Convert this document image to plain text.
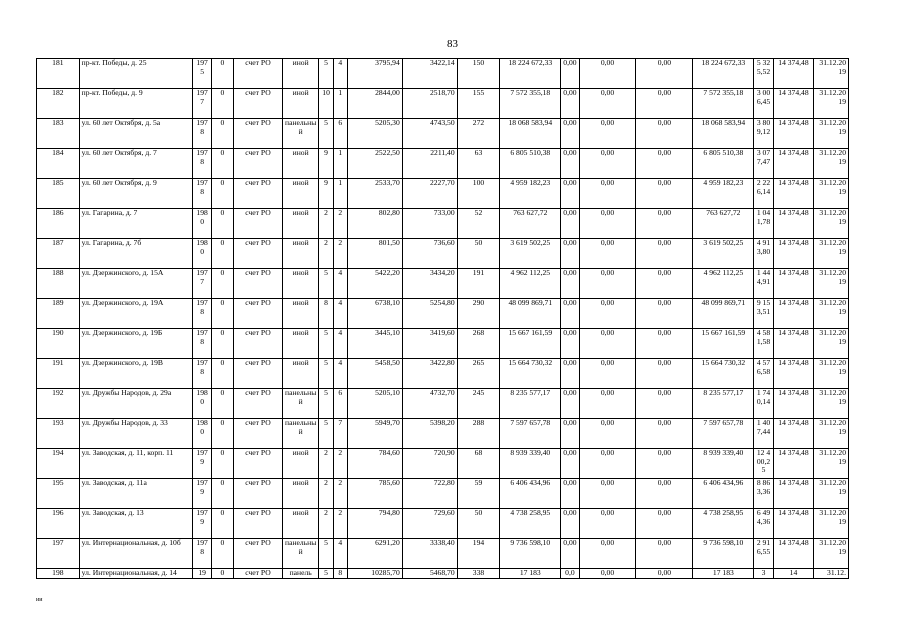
83
181	пр-кт. Победы, д. 25	1975	0	счет РО	иной	5	4	3795,94	3422,14	150	18 224 672,33	0,00	0,00	0,00	18 224 672,33	5 325,52	14 374,48	31.12.2019
182	пр-кт. Победы, д. 9	1977	0	счет РО	иной	10	1	2844,00	2518,70	155	7 572 355,18	0,00	0,00	0,00	7 572 355,18	3 006,45	14 374,48	31.12.2019
183	ул. 60 лет Октября, д. 5а	1978	0	счет РО	панельный	5	6	5205,30	4743,50	272	18 068 583,94	0,00	0,00	0,00	18 068 583,94	3 809,12	14 374,48	31.12.2019
184	ул. 60 лет Октября, д. 7	1978	0	счет РО	иной	9	1	2522,50	2211,40	63	6 805 510,38	0,00	0,00	0,00	6 805 510,38	3 077,47	14 374,48	31.12.2019
185	ул. 60 лет Октября, д. 9	1978	0	счет РО	иной	9	1	2533,70	2227,70	100	4 959 182,23	0,00	0,00	0,00	4 959 182,23	2 226,14	14 374,48	31.12.2019
186	ул. Гагарина, д. 7	1980	0	счет РО	иной	2	2	802,80	733,00	52	763 627,72	0,00	0,00	0,00	763 627,72	1 041,78	14 374,48	31.12.2019
187	ул. Гагарина, д. 7б	1980	0	счет РО	иной	2	2	801,50	736,60	50	3 619 502,25	0,00	0,00	0,00	3 619 502,25	4 913,80	14 374,48	31.12.2019
188	ул. Дзержинского, д. 15А	1977	0	счет РО	иной	5	4	5422,20	3434,20	191	4 962 112,25	0,00	0,00	0,00	4 962 112,25	1 444,91	14 374,48	31.12.2019
189	ул. Дзержинского, д. 19А	1978	0	счет РО	иной	8	4	6738,10	5254,80	290	48 099 869,71	0,00	0,00	0,00	48 099 869,71	9 153,51	14 374,48	31.12.2019
190	ул. Дзержинского, д. 19Б	1978	0	счет РО	иной	5	4	3445,10	3419,60	268	15 667 161,59	0,00	0,00	0,00	15 667 161,59	4 581,58	14 374,48	31.12.2019
191	ул. Дзержинского, д. 19В	1978	0	счет РО	иной	5	4	5458,50	3422,80	265	15 664 730,32	0,00	0,00	0,00	15 664 730,32	4 576,58	14 374,48	31.12.2019
192	ул. Дружбы Народов, д. 29а	1980	0	счет РО	панельный	5	6	5205,10	4732,70	245	8 235 577,17	0,00	0,00	0,00	8 235 577,17	1 740,14	14 374,48	31.12.2019
193	ул. Дружбы Народов, д. 33	1980	0	счет РО	панельный	5	7	5949,70	5398,20	288	7 597 657,78	0,00	0,00	0,00	7 597 657,78	1 407,44	14 374,48	31.12.2019
194	ул. Заводская, д. 11, корп. 11	1979	0	счет РО	иной	2	2	784,60	720,90	68	8 939 339,40	0,00	0,00	0,00	8 939 339,40	12 400,25	14 374,48	31.12.2019
195	ул. Заводская, д. 11а	1979	0	счет РО	иной	2	2	785,60	722,80	59	6 406 434,96	0,00	0,00	0,00	6 406 434,96	8 863,36	14 374,48	31.12.2019
196	ул. Заводская, д. 13	1979	0	счет РО	иной	2	2	794,80	729,60	50	4 738 258,95	0,00	0,00	0,00	4 738 258,95	6 494,36	14 374,48	31.12.2019
197	ул. Интернациональная, д. 10б	1978	0	счет РО	панельный	5	4	6291,20	3338,40	194	9 736 598,10	0,00	0,00	0,00	9 736 598,10	2 916,55	14 374,48	31.12.2019
198	ул. Интернациональная, д. 14	19	0	счет РО	панель	5	8	10285,70	5468,70	338	17 183	0,0	0,00	0,00	17 183	3	14	31.12.
ии
